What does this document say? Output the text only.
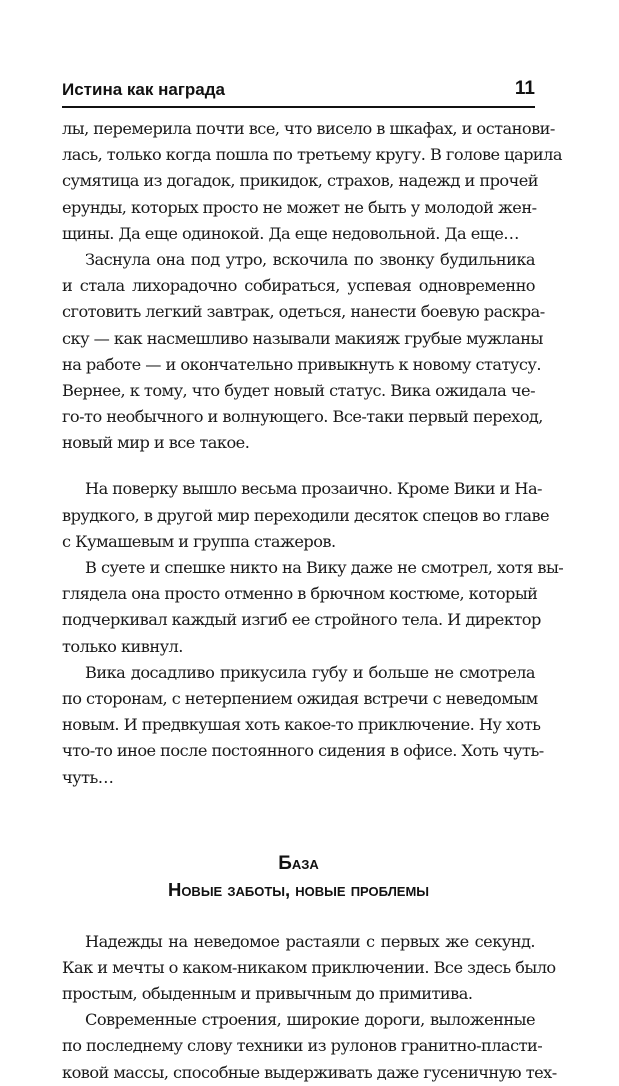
Истина как награда	11
лы, перемерила почти все, что висело в шкафах, и останови-
лась, только когда пошла по третьему кругу. В голове царила
сумятица из догадок, прикидок, страхов, надежд и прочей
ерунды, которых просто не может не быть у молодой жен-
щины. Да еще одинокой. Да еще недовольной. Да еще…
Заснула она под утро, вскочила по звонку будильника
и стала лихорадочно собираться, успевая одновременно
сготовить легкий завтрак, одеться, нанести боевую раскра-
ску — как насмешливо называли макияж грубые мужланы
на работе — и окончательно привыкнуть к новому статусу.
Вернее, к тому, что будет новый статус. Вика ожидала че-
го-то необычного и волнующего. Все-таки первый переход,
новый мир и все такое.
На поверку вышло весьма прозаично. Кроме Вики и На-
врудкого, в другой мир переходили десяток спецов во главе
с Кумашевым и группа стажеров.
В суете и спешке никто на Вику даже не смотрел, хотя вы-
глядела она просто отменно в брючном костюме, который
подчеркивал каждый изгиб ее стройного тела. И директор
только кивнул.
Вика досадливо прикусила губу и больше не смотрела
по сторонам, с нетерпением ожидая встречи с неведомым
новым. И предвкушая хоть какое-то приключение. Ну хоть
что-то иное после постоянного сидения в офисе. Хоть чуть-
чуть…
База
Новые заботы, новые проблемы
Надежды на неведомое растаяли с первых же секунд.
Как и мечты о каком-никаком приключении. Все здесь было
простым, обыденным и привычным до примитива.
Современные строения, широкие дороги, выложенные
по последнему слову техники из рулонов гранитно-пласти-
ковой массы, способные выдерживать даже гусеничную тех-
